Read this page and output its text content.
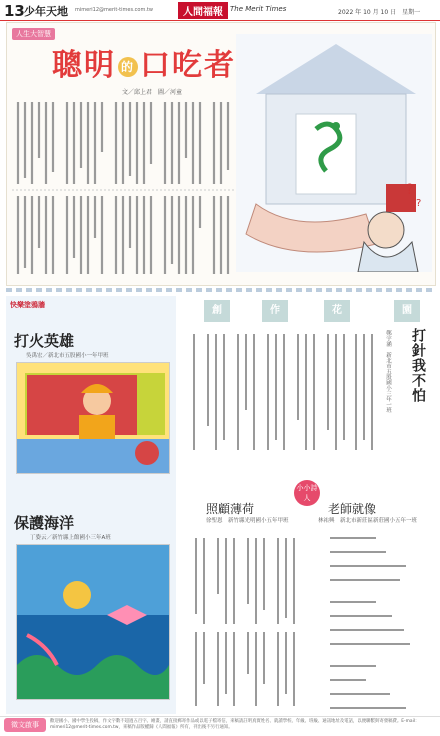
13 少年天地 mimeri12@merit-times.com.tw	人間福報	The Merit Times	2022 年 10 月 10 日　星期一
人生大智慧
聰明 的 口吃者
文／邱上君　圖／河童
?
?
快樂塗鴉牆
打火英雄
吳禹宏／新北市五股國小一年甲班
保護海洋
丁姿云／新竹縣上館國小三年A班
創	作	花	園
打針我不怕
鄭宇涵　新北市五股國小三年一班
照顧薄荷
徐聖恩　新竹縣光明國小五年甲班
小小詩人
老師就像
林祐興　新北市新莊區新莊國小五年一班
徵文啟事	歡迎國小、國中學生投稿，作文字數不超過五百字。繪畫，請直接郵寄作品或以電子檔寄信，來稿請註明真實姓名、就讀學校、年級、班級、通訊地址及電話，以便聯繫與寄發稿費。E-mail：mimeri12@merit-times.com.tw，來稿作品版權歸《人間福報》所有，刊出後不另行通知。
